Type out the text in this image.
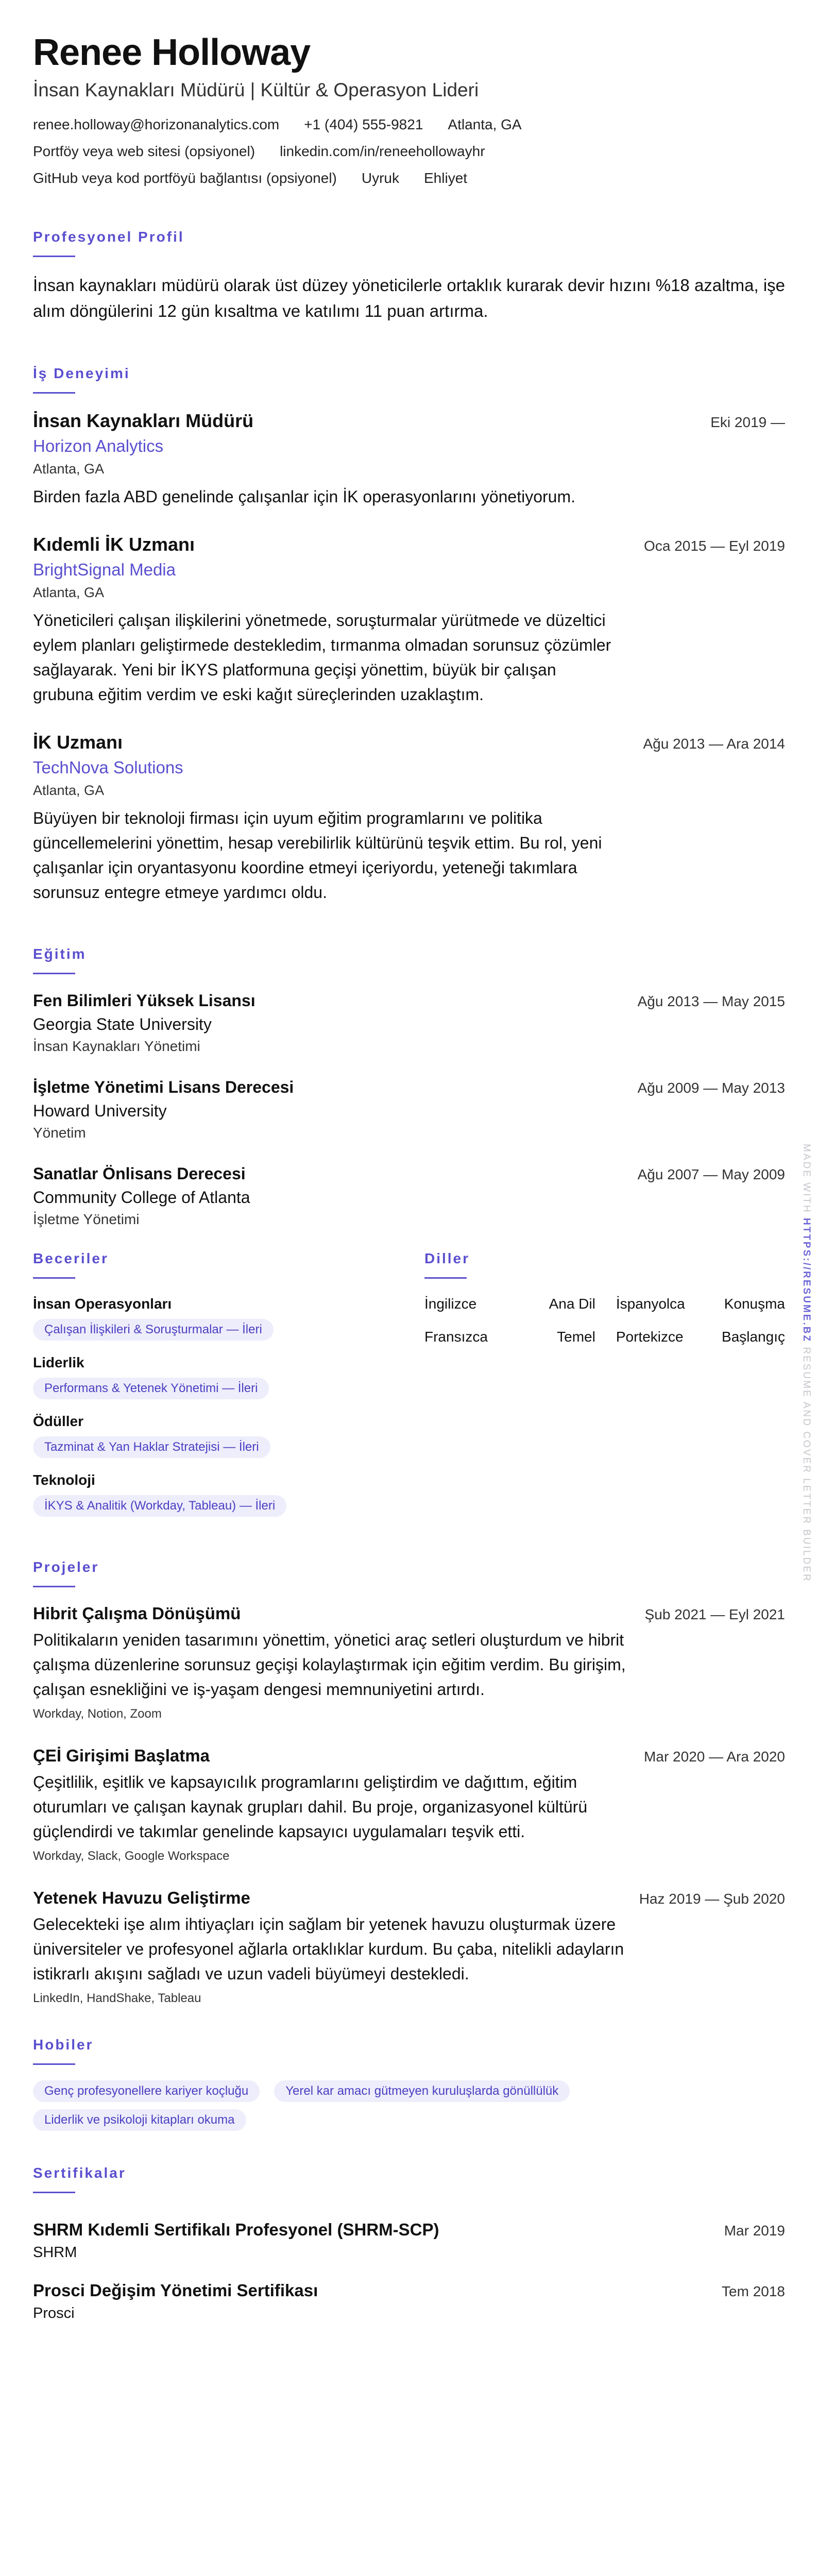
Renee Holloway
İnsan Kaynakları Müdürü | Kültür & Operasyon Lideri
renee.holloway@horizonanalytics.com +1 (404) 555-9821 Atlanta, GA
Portföy veya web sitesi (opsiyonel) linkedin.com/in/reneehollowayhr
GitHub veya kod portföyü bağlantısı (opsiyonel) Uyruk Ehliyet
Profesyonel Profil

İnsan kaynakları müdürü olarak üst düzey yöneticilerle ortaklık kurarak devir hızını %18 azaltma, işe alım döngülerini 12 gün kısaltma ve katılımı 11 puan artırma.

İş Deneyimi
İnsan Kaynakları Müdürü	Eki 2019 —
Horizon Analytics
Atlanta, GA

Birden fazla ABD genelinde çalışanlar için İK operasyonlarını yönetiyorum.

Kıdemli İK Uzmanı	Oca 2015 — Eyl 2019
BrightSignal Media
Atlanta, GA

Yöneticileri çalışan ilişkilerini yönetmede, soruşturmalar yürütmede ve düzeltici eylem planları geliştirmede destekledim, tırmanma olmadan sorunsuz çözümler sağlayarak. Yeni bir İKYS platformuna geçişi yönettim, büyük bir çalışan grubuna eğitim verdim ve eski kağıt süreçlerinden uzaklaştım.

İK Uzmanı	Ağu 2013 — Ara 2014
TechNova Solutions
Atlanta, GA

Büyüyen bir teknoloji firması için uyum eğitim programlarını ve politika güncellemelerini yönettim, hesap verebilirlik kültürünü teşvik ettim. Bu rol, yeni çalışanlar için oryantasyonu koordine etmeyi içeriyordu, yeteneği takımlara sorunsuz entegre etmeye yardımcı oldu.

Eğitim
Fen Bilimleri Yüksek Lisansı	Ağu 2013 — May 2015
Georgia State University
İnsan Kaynakları Yönetimi
İşletme Yönetimi Lisans Derecesi	Ağu 2009 — May 2013
Howard University
Yönetim
Sanatlar Önlisans Derecesi	Ağu 2007 — May 2009
Community College of Atlanta
İşletme Yönetimi
Beceriler
İnsan Operasyonları
Çalışan İlişkileri & Soruşturmalar — İleri
Liderlik
Performans & Yetenek Yönetimi — İleri
Ödüller
Tazminat & Yan Haklar Stratejisi — İleri
Teknoloji
İKYS & Analitik (Workday, Tableau) — İleri
Diller
İngilizce	Ana Dil İspanyolca	Konuşma
Fransızca	Temel Portekizce	Başlangıç
Projeler
Hibrit Çalışma Dönüşümü	Şub 2021 — Eyl 2021

Politikaların yeniden tasarımını yönettim, yönetici araç setleri oluşturdum ve hibrit çalışma düzenlerine sorunsuz geçişi kolaylaştırmak için eğitim verdim. Bu girişim, çalışan esnekliğini ve iş-yaşam dengesi memnuniyetini artırdı.

Workday, Notion, Zoom
ÇEİ Girişimi Başlatma	Mar 2020 — Ara 2020

Çeşitlilik, eşitlik ve kapsayıcılık programlarını geliştirdim ve dağıttım, eğitim oturumları ve çalışan kaynak grupları dahil. Bu proje, organizasyonel kültürü güçlendirdi ve takımlar genelinde kapsayıcı uygulamaları teşvik etti.

Workday, Slack, Google Workspace
Yetenek Havuzu Geliştirme	Haz 2019 — Şub 2020

Gelecekteki işe alım ihtiyaçları için sağlam bir yetenek havuzu oluşturmak üzere üniversiteler ve profesyonel ağlarla ortaklıklar kurdum. Bu çaba, nitelikli adayların istikrarlı akışını sağladı ve uzun vadeli büyümeyi destekledi.

LinkedIn, HandShake, Tableau
Hobiler
Genç profesyonellere kariyer koçluğu	Yerel kar amacı gütmeyen kuruluşlarda gönüllülük
Liderlik ve psikoloji kitapları okuma
Sertifikalar
SHRM Kıdemli Sertifikalı Profesyonel (SHRM-SCP)	Mar 2019
SHRM
Prosci Değişim Yönetimi Sertifikası	Tem 2018
Prosci
MADE WITH HTTPS://RESUME.BZ RESUME AND COVER LETTER BUILDER
